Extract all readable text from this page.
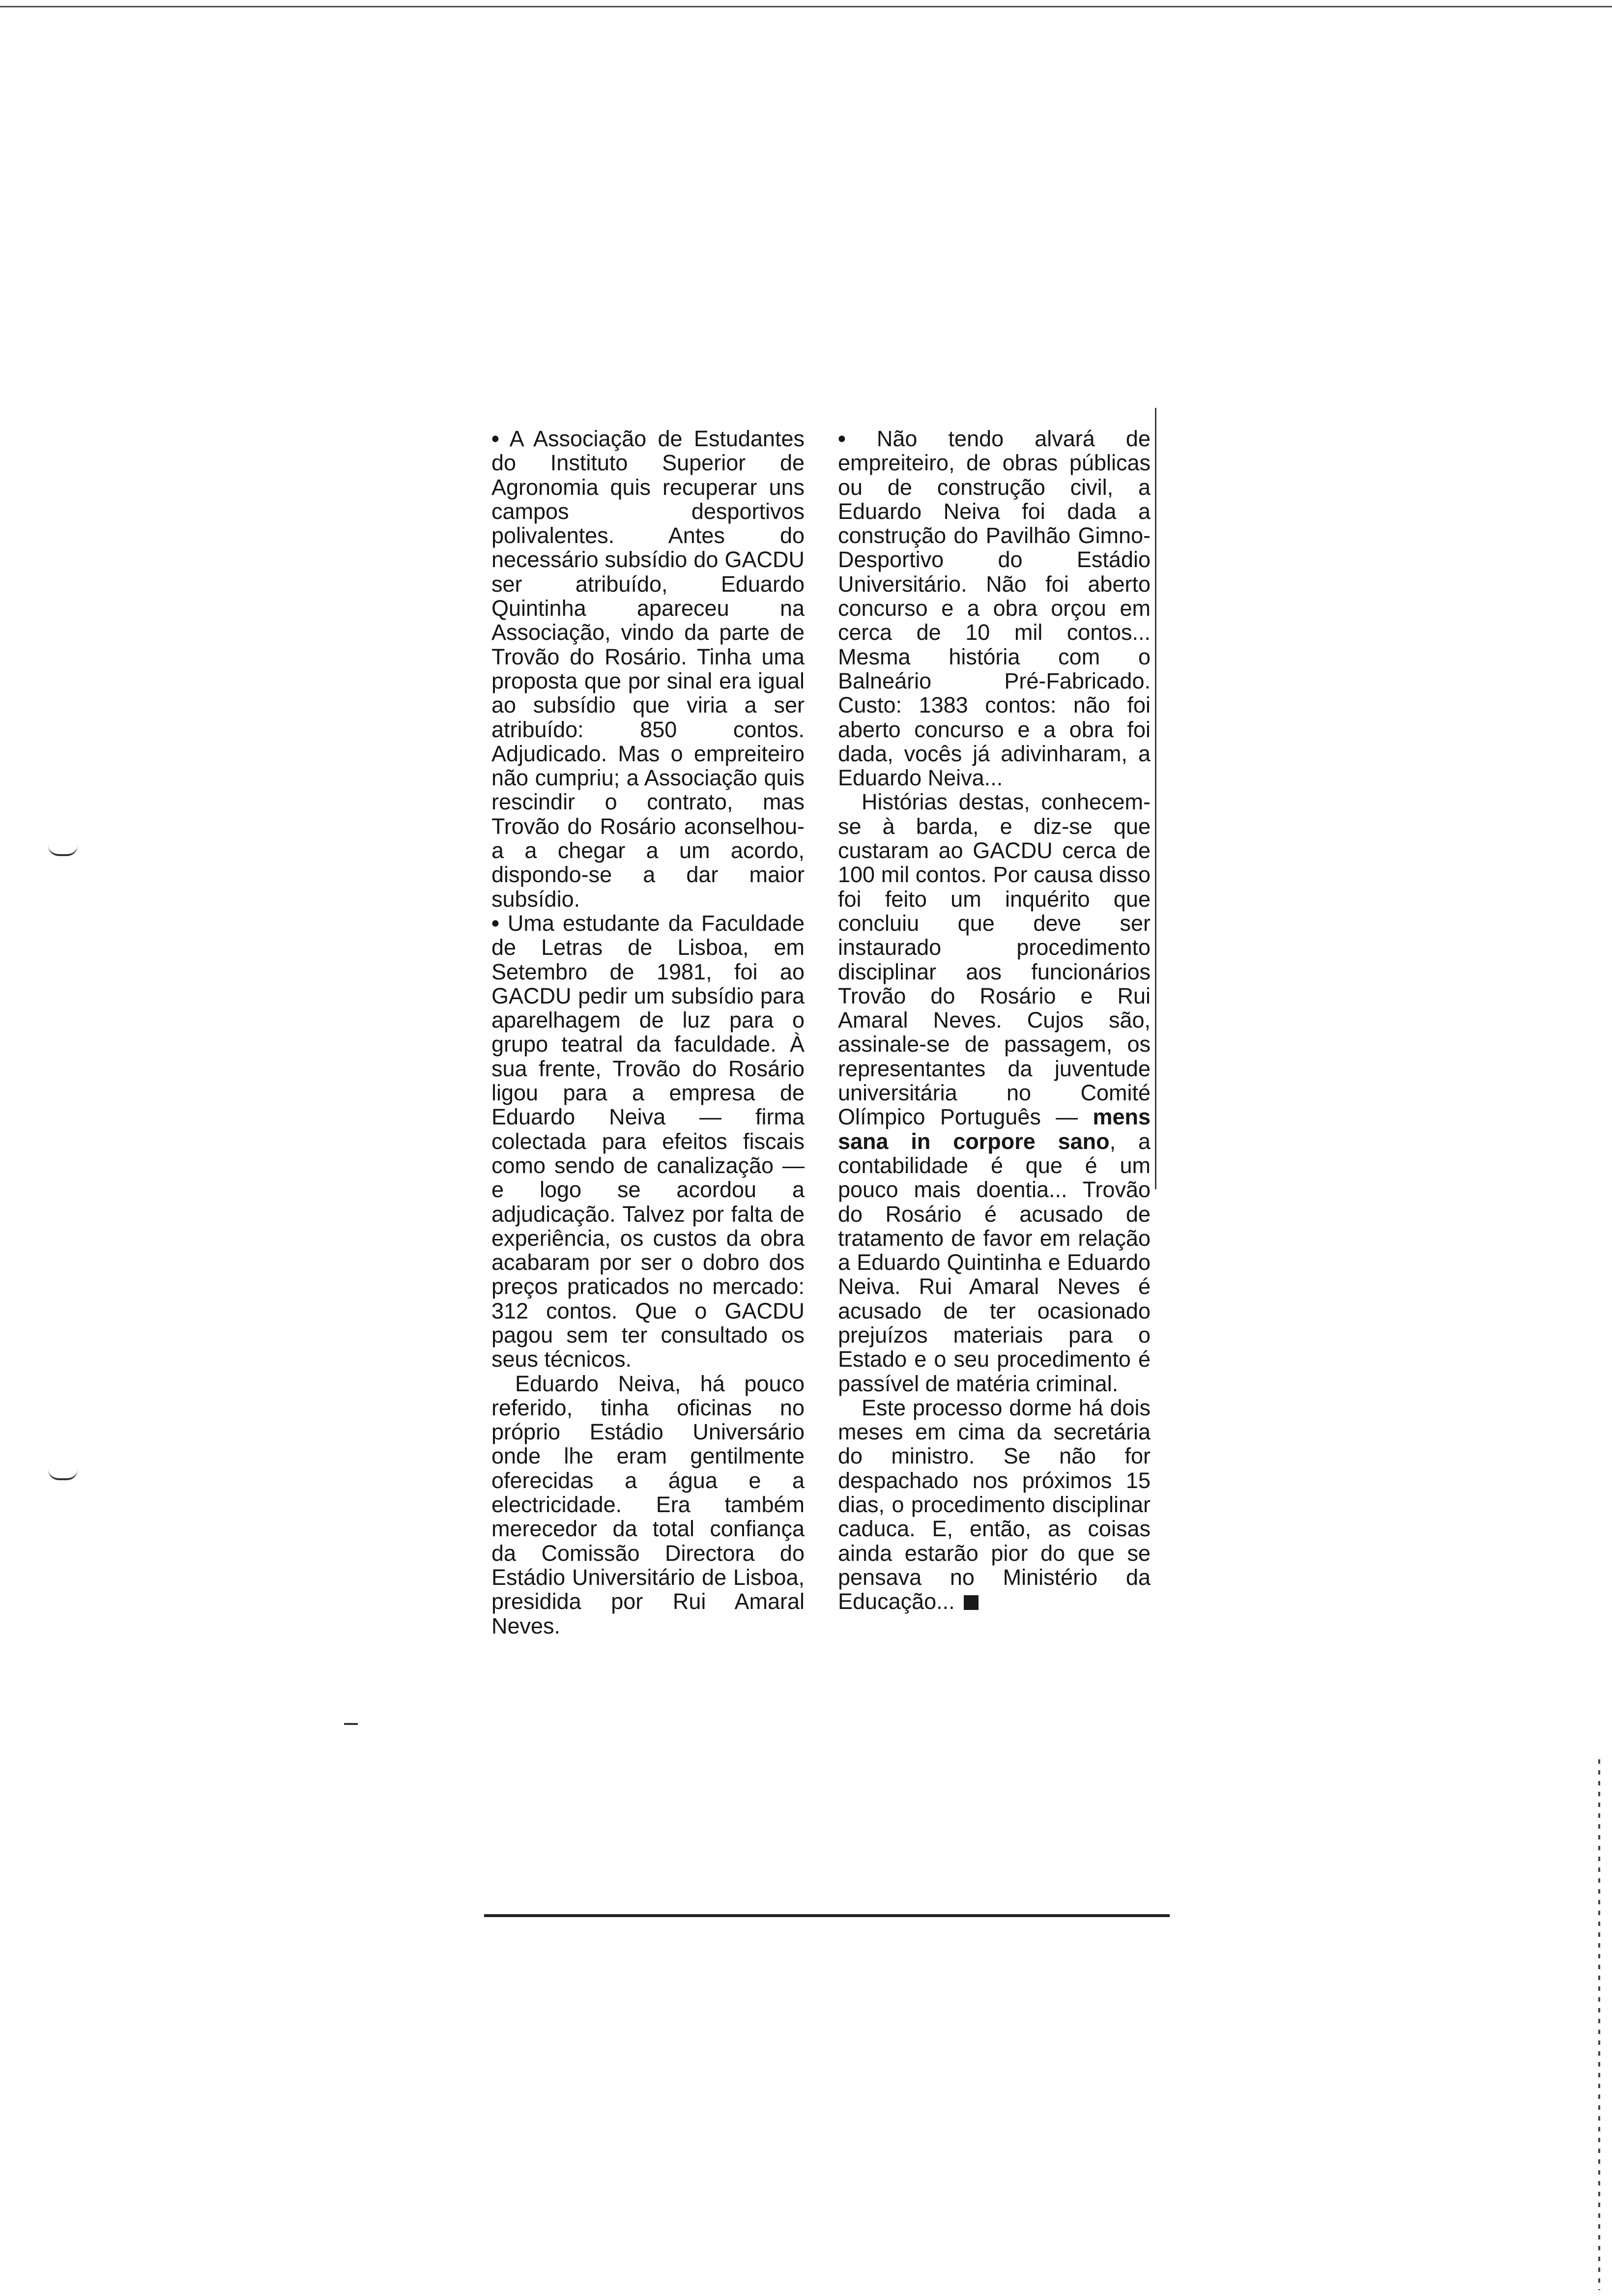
• A Associação de Estudantes do Instituto Superior de Agronomia quis recuperar uns campos desportivos polivalentes. Antes do necessário subsídio do GACDU ser atribuído, Eduardo Quintinha apareceu na Associação, vindo da parte de Trovão do Rosário. Tinha uma proposta que por sinal era igual ao subsídio que viria a ser atribuído: 850 contos. Adjudicado. Mas o empreiteiro não cumpriu; a Associação quis rescindir o contrato, mas Trovão do Rosário aconselhou-a a chegar a um acordo, dispondo-se a dar maior subsídio.

• Uma estudante da Faculdade de Letras de Lisboa, em Setembro de 1981, foi ao GACDU pedir um subsídio para aparelhagem de luz para o grupo teatral da faculdade. À sua frente, Trovão do Rosário ligou para a empresa de Eduardo Neiva — firma colectada para efeitos fiscais como sendo de canalização — e logo se acordou a adjudicação. Talvez por falta de experiência, os custos da obra acabaram por ser o dobro dos preços praticados no mercado: 312 contos. Que o GACDU pagou sem ter consultado os seus técnicos.

Eduardo Neiva, há pouco referido, tinha oficinas no próprio Estádio Universário onde lhe eram gentilmente oferecidas a água e a electricidade. Era também merecedor da total confiança da Comissão Directora do Estádio Universitário de Lisboa, presidida por Rui Amaral Neves.

• Não tendo alvará de empreiteiro, de obras públicas ou de construção civil, a Eduardo Neiva foi dada a construção do Pavilhão Gimno-Desportivo do Estádio Universitário. Não foi aberto concurso e a obra orçou em cerca de 10 mil contos... Mesma história com o Balneário Pré-Fabricado. Custo: 1383 contos: não foi aberto concurso e a obra foi dada, vocês já adivinharam, a Eduardo Neiva...

Histórias destas, conhecem-se à barda, e diz-se que custaram ao GACDU cerca de 100 mil contos. Por causa disso foi feito um inquérito que concluiu que deve ser instaurado procedimento disciplinar aos funcionários Trovão do Rosário e Rui Amaral Neves. Cujos são, assinale-se de passagem, os representantes da juventude universitária no Comité Olímpico Português — mens sana in corpore sano, a contabilidade é que é um pouco mais doentia... Trovão do Rosário é acusado de tratamento de favor em relação a Eduardo Quintinha e Eduardo Neiva. Rui Amaral Neves é acusado de ter ocasionado prejuízos materiais para o Estado e o seu procedimento é passível de matéria criminal.

Este processo dorme há dois meses em cima da secretária do ministro. Se não for despachado nos próximos 15 dias, o procedimento disciplinar caduca. E, então, as coisas ainda estarão pior do que se pensava no Ministério da Educação...
